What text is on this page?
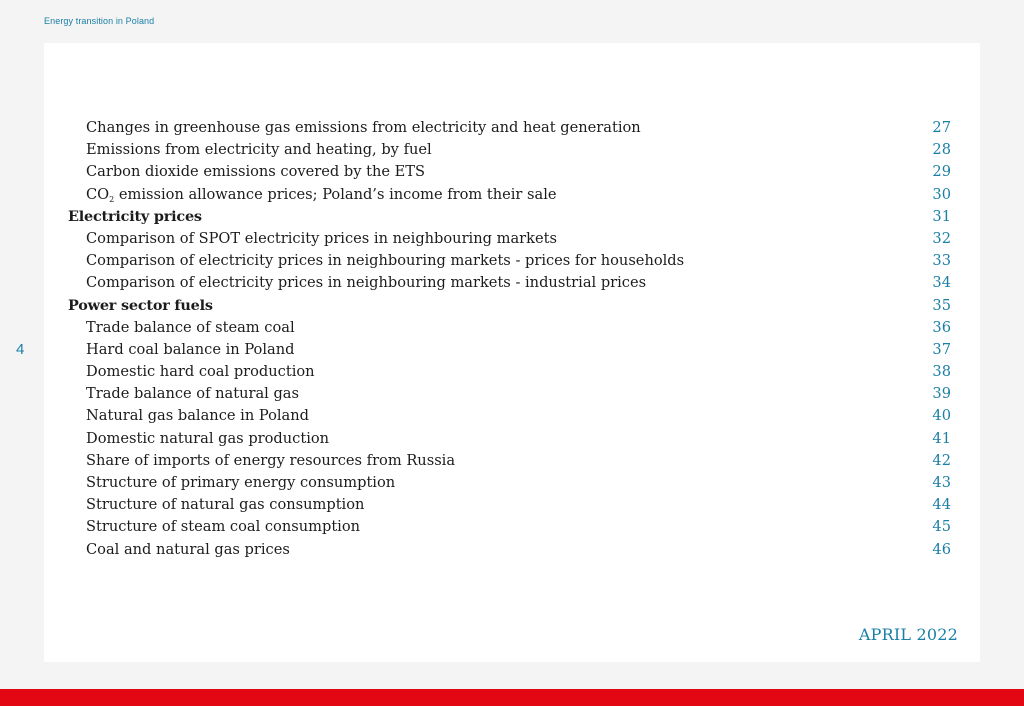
Energy transition in Poland
4
Changes in greenhouse gas emissions from electricity and heat generation	27
Emissions from electricity and heating, by fuel	28
Carbon dioxide emissions covered by the ETS	29
$CO_2$ emission allowance prices; Poland’s income from their sale	30
Electricity prices	31
Comparison of SPOT electricity prices in neighbouring markets	32
Comparison of electricity prices in neighbouring markets - prices for households	33
Comparison of electricity prices in neighbouring markets - industrial prices	34
Power sector fuels	35
Trade balance of steam coal	36
Hard coal balance in Poland	37
Domestic hard coal production	38
Trade balance of natural gas	39
Natural gas balance in Poland	40
Domestic natural gas production	41
Share of imports of energy resources from Russia	42
Structure of primary energy consumption	43
Structure of natural gas consumption	44
Structure of steam coal consumption	45
Coal and natural gas prices	46
APRIL 2022
